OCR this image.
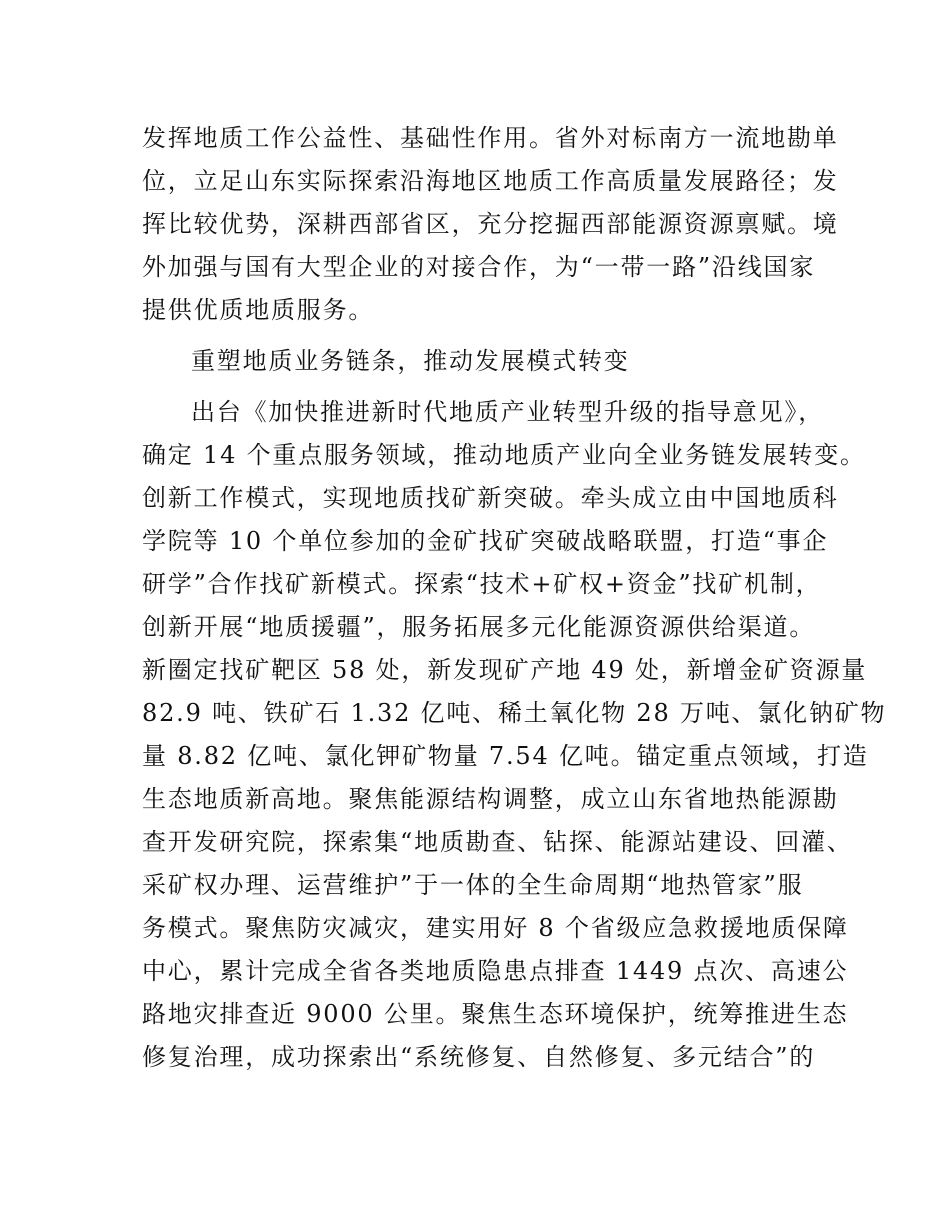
发挥地质工作公益性、基础性作用。省外对标南方一流地勘单
位，立足山东实际探索沿海地区地质工作高质量发展路径；发
挥比较优势，深耕西部省区，充分挖掘西部能源资源禀赋。境
外加强与国有大型企业的对接合作，为“一带一路”沿线国家
提供优质地质服务。
重塑地质业务链条，推动发展模式转变
出台《加快推进新时代地质产业转型升级的指导意见》，
确定 14 个重点服务领域，推动地质产业向全业务链发展转变。
创新工作模式，实现地质找矿新突破。牵头成立由中国地质科
学院等 10 个单位参加的金矿找矿突破战略联盟，打造“事企
研学”合作找矿新模式。探索“技术+矿权+资金”找矿机制，
创新开展“地质援疆”，服务拓展多元化能源资源供给渠道。
新圈定找矿靶区 58 处，新发现矿产地 49 处，新增金矿资源量
82.9 吨、铁矿石 1.32 亿吨、稀土氧化物 28 万吨、氯化钠矿物
量 8.82 亿吨、氯化钾矿物量 7.54 亿吨。锚定重点领域，打造
生态地质新高地。聚焦能源结构调整，成立山东省地热能源勘
查开发研究院，探索集“地质勘查、钻探、能源站建设、回灌、
采矿权办理、运营维护”于一体的全生命周期“地热管家”服
务模式。聚焦防灾减灾，建实用好 8 个省级应急救援地质保障
中心，累计完成全省各类地质隐患点排查 1449 点次、高速公
路地灾排查近 9000 公里。聚焦生态环境保护，统筹推进生态
修复治理，成功探索出“系统修复、自然修复、多元结合”的
